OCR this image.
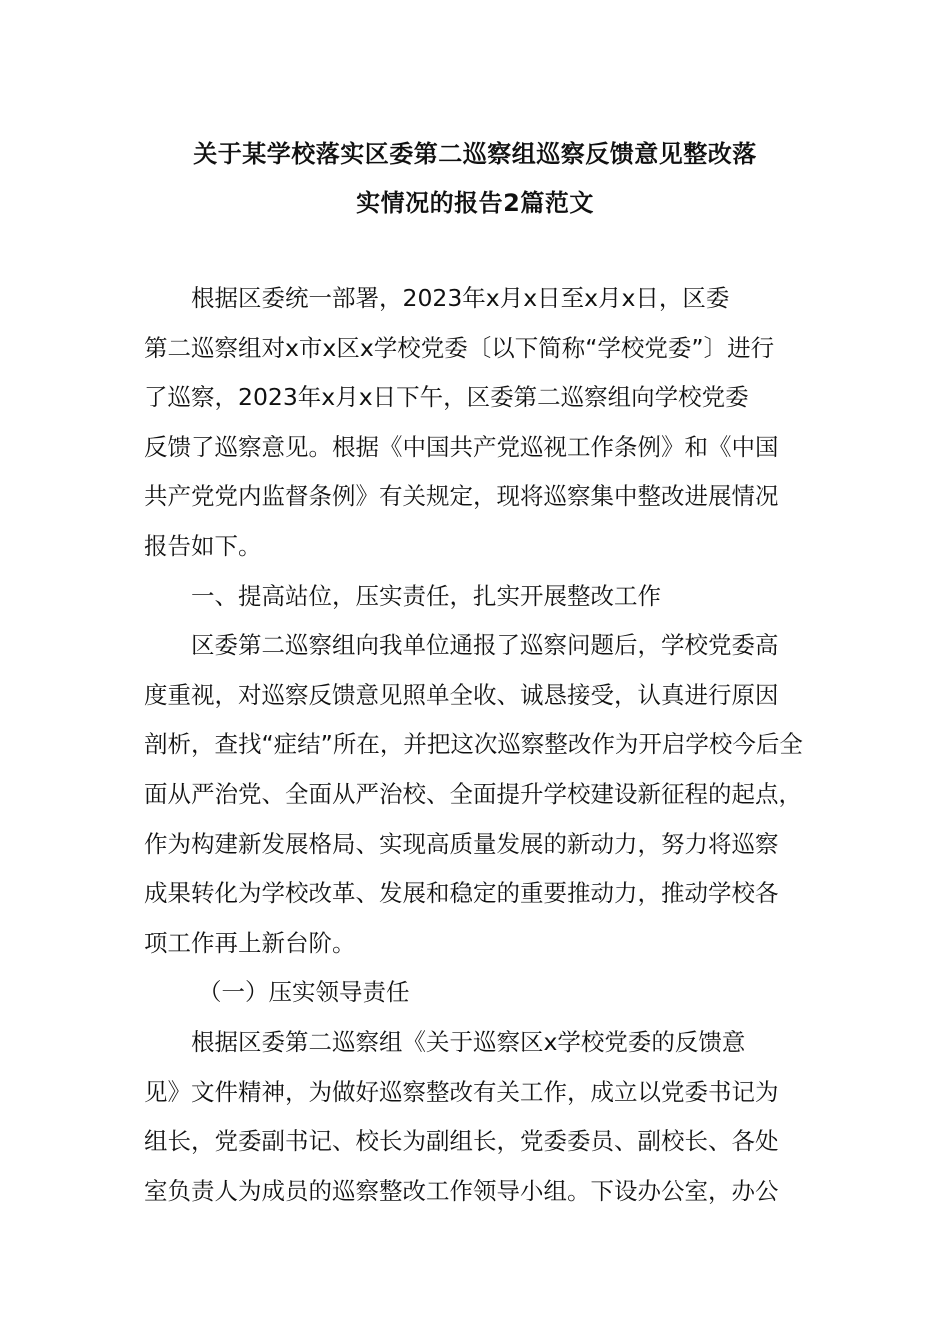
关于某学校落实区委第二巡察组巡察反馈意见整改落
实情况的报告2篇范文
根据区委统一部署，2023年x月x日至x月x日，区委
第二巡察组对x市x区x学校党委〔以下简称“学校党委”〕进行
了巡察，2023年x月x日下午，区委第二巡察组向学校党委
反馈了巡察意见。根据《中国共产党巡视工作条例》和《中国
共产党党内监督条例》有关规定，现将巡察集中整改进展情况
报告如下。
一、提高站位，压实责任，扎实开展整改工作
区委第二巡察组向我单位通报了巡察问题后，学校党委高
度重视，对巡察反馈意见照单全收、诚恳接受，认真进行原因
剖析，查找“症结”所在，并把这次巡察整改作为开启学校今后全
面从严治党、全面从严治校、全面提升学校建设新征程的起点，
作为构建新发展格局、实现高质量发展的新动力，努力将巡察
成果转化为学校改革、发展和稳定的重要推动力，推动学校各
项工作再上新台阶。
（一）压实领导责任
根据区委第二巡察组《关于巡察区x学校党委的反馈意
见》文件精神，为做好巡察整改有关工作，成立以党委书记为
组长，党委副书记、校长为副组长，党委委员、副校长、各处
室负责人为成员的巡察整改工作领导小组。下设办公室，办公
